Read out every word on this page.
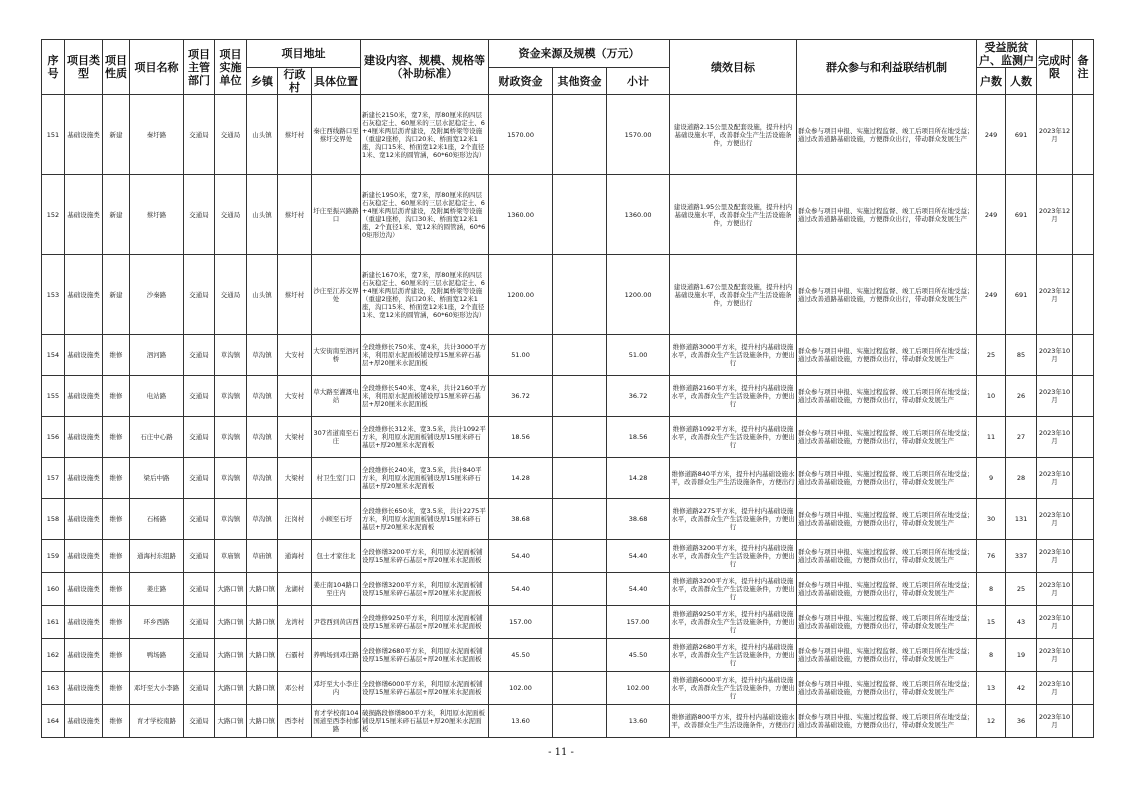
序号	项目类型	项目性质	项目名称	项目主管部门	项目实施单位	项目地址			建设内容、规模、规格等（补助标准）	资金来源及规模（万元）			绩效目标	群众参与和利益联结机制	受益脱贫户、监测户		完成时限	备注
						乡镇	行政村	具体位置		财政资金	其他资金	小计			户数	人数		
151	基础设施类	新建	秦圩路	交通局	交通局	山头镇	蔡圩村	秦庄西线路口至蔡圩交界处	新建长2150米，宽7米，厚80厘米的四层石灰稳定土、60厘米的三层水泥稳定土、6+4厘米两层沥青建设，及附属桥梁等设施（重建2座桥，沟口20米、桥面宽12米1座，沟口15米、桥面宽12米1座，2个直径1米、宽12米的圆管涵，60*60矩形边沟）	1570.00		1570.00	建设道路2.15公里及配套设施，提升村内基础设施水平，改善群众生产生活设施条件，方便出行	群众参与项目申报、实施过程监督、竣工后项目所在地受益；通过改善道路基础设施，方便群众出行，带动群众发展生产	249	691	2023年12月	
152	基础设施类	新建	蔡圩路	交通局	交通局	山头镇	蔡圩村	圩庄至振兴路路口	新建长1950米，宽7米，厚80厘米的四层石灰稳定土、60厘米的三层水泥稳定土、6+4厘米两层沥青建设，及附属桥梁等设施（重建1座桥，沟口30米、桥面宽12米1座，2个直径1米、宽12米的圆管涵，60*60矩形边沟）	1360.00		1360.00	建设道路1.95公里及配套设施，提升村内基础设施水平，改善群众生产生活设施条件，方便出行	群众参与项目申报、实施过程监督、竣工后项目所在地受益；通过改善道路基础设施，方便群众出行，带动群众发展生产	249	691	2023年12月	
153	基础设施类	新建	沙秦路	交通局	交通局	山头镇	蔡圩村	沙庄至江苏交界处	新建长1670米，宽7米，厚80厘米的四层石灰稳定土、60厘米的三层水泥稳定土、6+4厘米两层沥青建设，及附属桥梁等设施（重建2座桥，沟口20米、桥面宽12米1座，沟口15米、桥面宽12米1座，2个直径1米、宽12米的圆管涵，60*60矩形边沟）	1200.00		1200.00	建设道路1.67公里及配套设施，提升村内基础设施水平，改善群众生产生活设施条件，方便出行	群众参与项目申报、实施过程监督、竣工后项目所在地受益；通过改善道路基础设施，方便群众出行，带动群众发展生产	249	691	2023年12月	
154	基础设施类	维修	泗河路	交通局	草沟镇	草沟镇	大安村	大安街南至泗河桥	全段维修长750米、宽4米，共计3000平方米，利用原水泥面板铺设厚15厘米碎石基层+厚20厘米水泥面板	51.00		51.00	维修道路3000平方米，提升村内基础设施水平，改善群众生产生活设施条件，方便出行	群众参与项目申报、实施过程监督、竣工后项目所在地受益；通过改善基础设施，方便群众出行，带动群众发展生产	25	85	2023年10月	
155	基础设施类	维修	电站路	交通局	草沟镇	草沟镇	大安村	草大路至灌溉电站	全段维修长540米、宽4米，共计2160平方米，利用原水泥面板铺设厚15厘米碎石基层+厚20厘米水泥面板	36.72		36.72	维修道路2160平方米，提升村内基础设施水平，改善群众生产生活设施条件，方便出行	群众参与项目申报、实施过程监督、竣工后项目所在地受益；通过改善基础设施，方便群众出行，带动群众发展生产	10	26	2023年10月	
156	基础设施类	维修	石庄中心路	交通局	草沟镇	草沟镇	大梁村	307省道南至石庄	全段维修长312米、宽3.5米，共计1092平方米，利用原水泥面板铺设厚15厘米碎石基层+厚20厘米水泥面板	18.56		18.56	维修道路1092平方米，提升村内基础设施水平，改善群众生产生活设施条件，方便出行	群众参与项目申报、实施过程监督、竣工后项目所在地受益；通过改善基础设施，方便群众出行，带动群众发展生产	11	27	2023年10月	
157	基础设施类	维修	梁后中路	交通局	草沟镇	草沟镇	大梁村	村卫生室门口	全段维修长240米，宽3.5米，共计840平方米，利用原水泥面板铺设厚15厘米碎石基层+厚20厘米水泥面板	14.28		14.28	维修道路840平方米，提升村内基础设施水平，改善群众生产生活设施条件，方便出行	群众参与项目申报、实施过程监督、竣工后项目所在地受益；通过改善基础设施，方便群众出行，带动群众发展生产	9	28	2023年10月	
158	基础设施类	维修	石杨路	交通局	草沟镇	草沟镇	汪岗村	小顾至石圩	全段维修长650米，宽3.5米，共计2275平方米，利用原水泥面板铺设厚15厘米碎石基层+厚20厘米水泥面板	38.68		38.68	维修道路2275平方米，提升村内基础设施水平，改善群众生产生活设施条件，方便出行	群众参与项目申报、实施过程监督、竣工后项目所在地受益；通过改善基础设施，方便群众出行，带动群众发展生产	30	131	2023年10月	
159	基础设施类	维修	通海村东组路	交通局	草庙镇	草庙镇	通海村	包士才家往北	全段修缮3200平方米，利用原水泥面板铺设厚15厘米碎石基层+厚20厘米水泥面板	54.40		54.40	维修道路3200平方米，提升村内基础设施水平，改善群众生产生活设施条件，方便出行	群众参与项目申报、实施过程监督、竣工后项目所在地受益；通过改善基础设施，方便群众出行，带动群众发展生产	76	337	2023年10月	
160	基础设施类	维修	姜庄路	交通局	大路口镇	大路口镇	龙湖村	姜庄南104路口至庄内	全段修缮3200平方米，利用原水泥面板铺设厚15厘米碎石基层+厚20厘米水泥面板	54.40		54.40	维修道路3200平方米，提升村内基础设施水平，改善群众生产生活设施条件，方便出行	群众参与项目申报、实施过程监督、竣工后项目所在地受益；通过改善基础设施，方便群众出行，带动群众发展生产	8	25	2023年10月	
161	基础设施类	维修	环乡西路	交通局	大路口镇	大路口镇	龙湾村	尹巷西到黄店西	全段维修9250平方米，利用原水泥面板铺设厚15厘米碎石基层+厚20厘米水泥面板	157.00		157.00	维修道路9250平方米，提升村内基础设施水平，改善群众生产生活设施条件，方便出行	群众参与项目申报、实施过程监督、竣工后项目所在地受益；通过改善基础设施，方便群众出行，带动群众发展生产	15	43	2023年10月	
162	基础设施类	维修	鸭场路	交通局	大路口镇	大路口镇	石霸村	养鸭场到邓庄路	全段修缮2680平方米，利用原水泥面板铺设厚15厘米碎石基层+厚20厘米水泥面板	45.50		45.50	维修道路2680平方米，提升村内基础设施水平，改善群众生产生活设施条件，方便出行	群众参与项目申报、实施过程监督、竣工后项目所在地受益；通过改善基础设施，方便群众出行，带动群众发展生产	8	19	2023年10月	
163	基础设施类	维修	邓圩至大小李路	交通局	大路口镇	大路口镇	邓公村	邓圩至大小李庄内	全段修缮6000平方米，利用原水泥面板铺设厚15厘米碎石基层+厚20厘米水泥面板	102.00		102.00	维修道路6000平方米，提升村内基础设施水平，改善群众生产生活设施条件，方便出行	群众参与项目申报、实施过程监督、竣工后项目所在地受益；通过改善基础设施，方便群众出行，带动群众发展生产	13	42	2023年10月	
164	基础设施类	维修	育才学校南路	交通局	大路口镇	大路口镇	西李村	育才学校南104国道至西李村邮路	破损路段修缮800平方米，利用原水泥面板铺设厚15厘米碎石基层+厚20厘米水泥面板	13.60		13.60	维修道路800平方米，提升村内基础设施水平，改善群众生产生活设施条件，方便出行	群众参与项目申报、实施过程监督、竣工后项目所在地受益；通过改善基础设施，方便群众出行，带动群众发展生产	12	36	2023年10月	
- 11 -
